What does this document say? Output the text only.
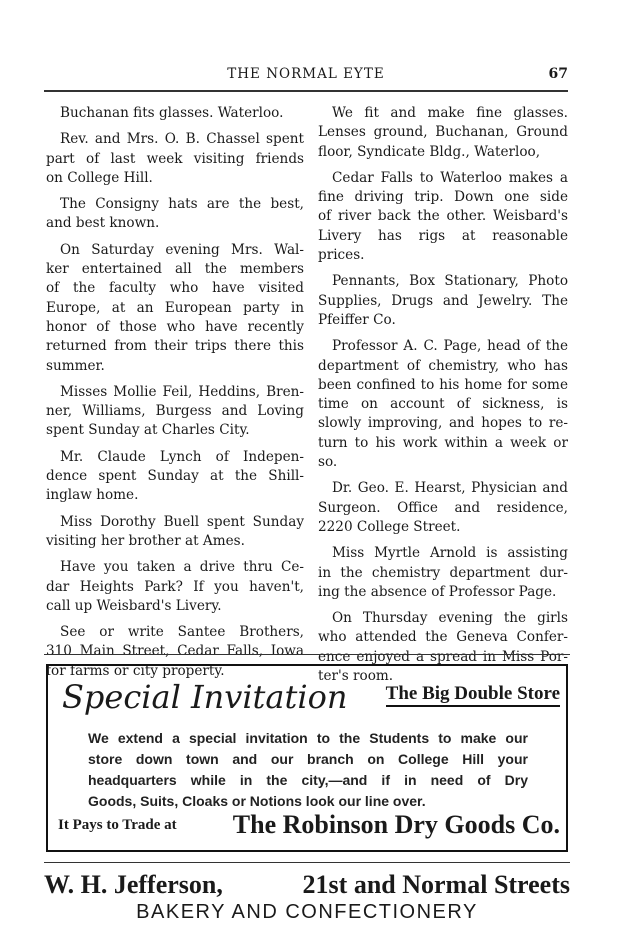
THE NORMAL EYTE	67
Buchanan fits glasses. Waterloo.
Rev. and Mrs. O. B. Chassel spent
part of last week visiting friends
on College Hill.
The Consigny hats are the best,
and best known.
On Saturday evening Mrs. Wal-
ker entertained all the members
of the faculty who have visited
Europe, at an European party in
honor of those who have recently
returned from their trips there this
summer.
Misses Mollie Feil, Heddins, Bren-
ner, Williams, Burgess and Loving
spent Sunday at Charles City.
Mr. Claude Lynch of Indepen-
dence spent Sunday at the Shill-
inglaw home.
Miss Dorothy Buell spent Sunday
visiting her brother at Ames.
Have you taken a drive thru Ce-
dar Heights Park? If you haven't,
call up Weisbard's Livery.
See or write Santee Brothers,
310 Main Street, Cedar Falls, Iowa
for farms or city property.
We fit and make fine glasses.
Lenses ground, Buchanan, Ground
floor, Syndicate Bldg., Waterloo,
Cedar Falls to Waterloo makes a
fine driving trip. Down one side
of river back the other. Weisbard's
Livery has rigs at reasonable
prices.
Pennants, Box Stationary, Photo
Supplies, Drugs and Jewelry. The
Pfeiffer Co.
Professor A. C. Page, head of the
department of chemistry, who has
been confined to his home for some
time on account of sickness, is
slowly improving, and hopes to re-
turn to his work within a week or
so.
Dr. Geo. E. Hearst, Physician and
Surgeon. Office and residence,
2220 College Street.
Miss Myrtle Arnold is assisting
in the chemistry department dur-
ing the absence of Professor Page.
On Thursday evening the girls
who attended the Geneva Confer-
ence enjoyed a spread in Miss Por-
ter's room.
Special Invitation The Big Double Store
We extend a special invitation to the Students to make our
store down town and our branch on College Hill your
headquarters while in the city,—and if in need of Dry
Goods, Suits, Cloaks or Notions look our line over.
It Pays to Trade at The Robinson Dry Goods Co.
W. H. Jefferson,	21st and Normal Streets
BAKERY AND CONFECTIONERY
